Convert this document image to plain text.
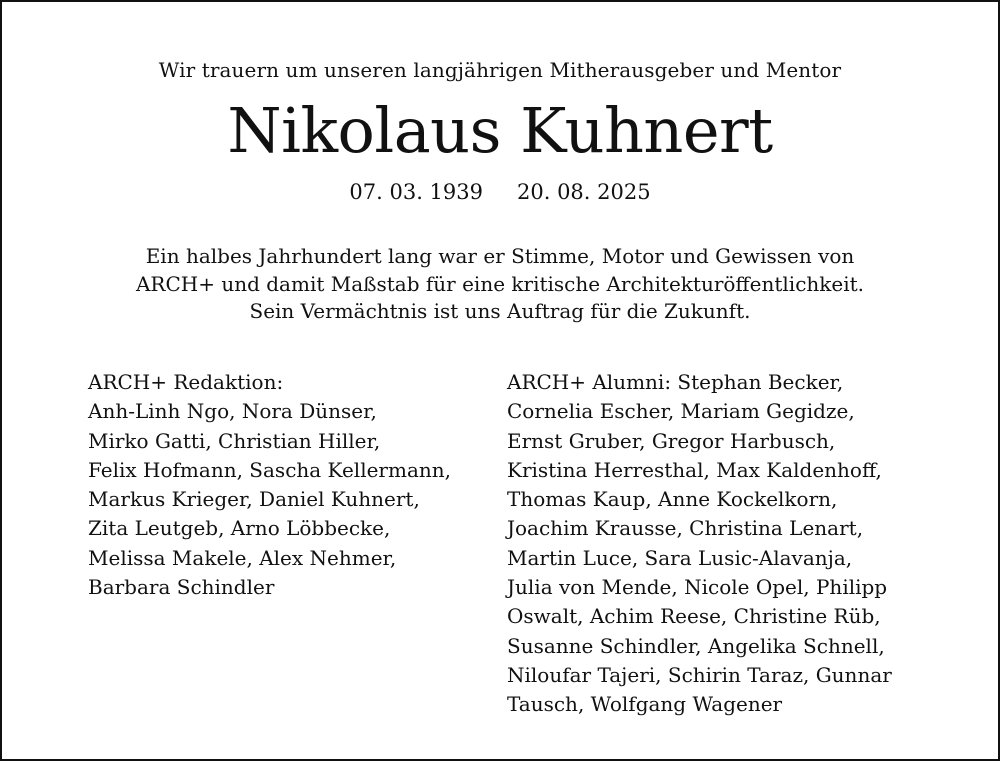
Wir trauern um unseren langjährigen Mitherausgeber und Mentor
Nikolaus Kuhnert
07. 03. 1939 20. 08. 2025
Ein halbes Jahrhundert lang war er Stimme, Motor und Gewissen von
ARCH+ und damit Maßstab für eine kritische Architekturöffentlichkeit.
Sein Vermächtnis ist uns Auftrag für die Zukunft.
ARCH+ Redaktion:
Anh-Linh Ngo, Nora Dünser,
Mirko Gatti, Christian Hiller,
Felix Hofmann, Sascha Kellermann,
Markus Krieger, Daniel Kuhnert,
Zita Leutgeb, Arno Löbbecke,
Melissa Makele, Alex Nehmer,
Barbara Schindler
ARCH+ Alumni: Stephan Becker,
Cornelia Escher, Mariam Gegidze,
Ernst Gruber, Gregor Harbusch,
Kristina Herresthal, Max Kaldenhoff,
Thomas Kaup, Anne Kockelkorn,
Joachim Krausse, Christina Lenart,
Martin Luce, Sara Lusic-Alavanja,
Julia von Mende, Nicole Opel, Philipp
Oswalt, Achim Reese, Christine Rüb,
Susanne Schindler, Angelika Schnell,
Niloufar Tajeri, Schirin Taraz, Gunnar
Tausch, Wolfgang Wagener
